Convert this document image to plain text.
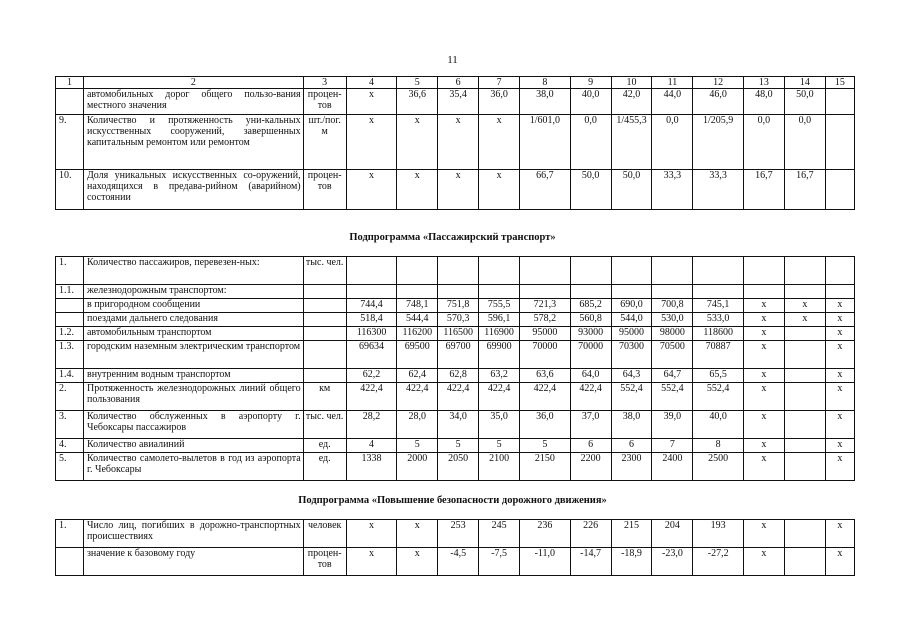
11
1	2	3	4	5	6	7	8	9	10	11	12	13	14	15
	автомобильных дорог общего пользо-вания местного значения	процен-тов	x	36,6	35,4	36,0	38,0	40,0	42,0	44,0	46,0	48,0	50,0	
9.	Количество и протяженность уни-кальных искусственных сооружений, завершенных капитальным ремонтом или ремонтом	шт./пог. м	x	x	x	x	1/601,0	0,0	1/455,3	0,0	1/205,9	0,0	0,0	
10.	Доля уникальных искусственных со-оружений, находящихся в предава-рийном (аварийном) состоянии	процен-тов	x	x	x	x	66,7	50,0	50,0	33,3	33,3	16,7	16,7	
Подпрограмма «Пассажирский транспорт»
1.	Количество пассажиров, перевезен-ных:	тыс. чел.												
1.1.	железнодорожным транспортом:													
	в пригородном сообщении		744,4	748,1	751,8	755,5	721,3	685,2	690,0	700,8	745,1	x	x	x
	поездами дальнего следования		518,4	544,4	570,3	596,1	578,2	560,8	544,0	530,0	533,0	x	x	x
1.2.	автомобильным транспортом		116300	116200	116500	116900	95000	93000	95000	98000	118600	x		x
1.3.	городским наземным электрическим транспортом		69634	69500	69700	69900	70000	70000	70300	70500	70887	x		x
1.4.	внутренним водным транспортом		62,2	62,4	62,8	63,2	63,6	64,0	64,3	64,7	65,5	x		x
2.	Протяженность железнодорожных линий общего пользования	км	422,4	422,4	422,4	422,4	422,4	422,4	552,4	552,4	552,4	x		x
3.	Количество обслуженных в аэропорту г. Чебоксары пассажиров	тыс. чел.	28,2	28,0	34,0	35,0	36,0	37,0	38,0	39,0	40,0	x		x
4.	Количество авиалиний	ед.	4	5	5	5	5	6	6	7	8	x		x
5.	Количество самолето-вылетов в год из аэропорта г. Чебоксары	ед.	1338	2000	2050	2100	2150	2200	2300	2400	2500	x		x
Подпрограмма «Повышение безопасности дорожного движения»
1.	Число лиц, погибших в дорожно-транспортных происшествиях	человек	x	x	253	245	236	226	215	204	193	x		x
	значение к базовому году	процен-тов	x	x	-4,5	-7,5	-11,0	-14,7	-18,9	-23,0	-27,2	x		x
